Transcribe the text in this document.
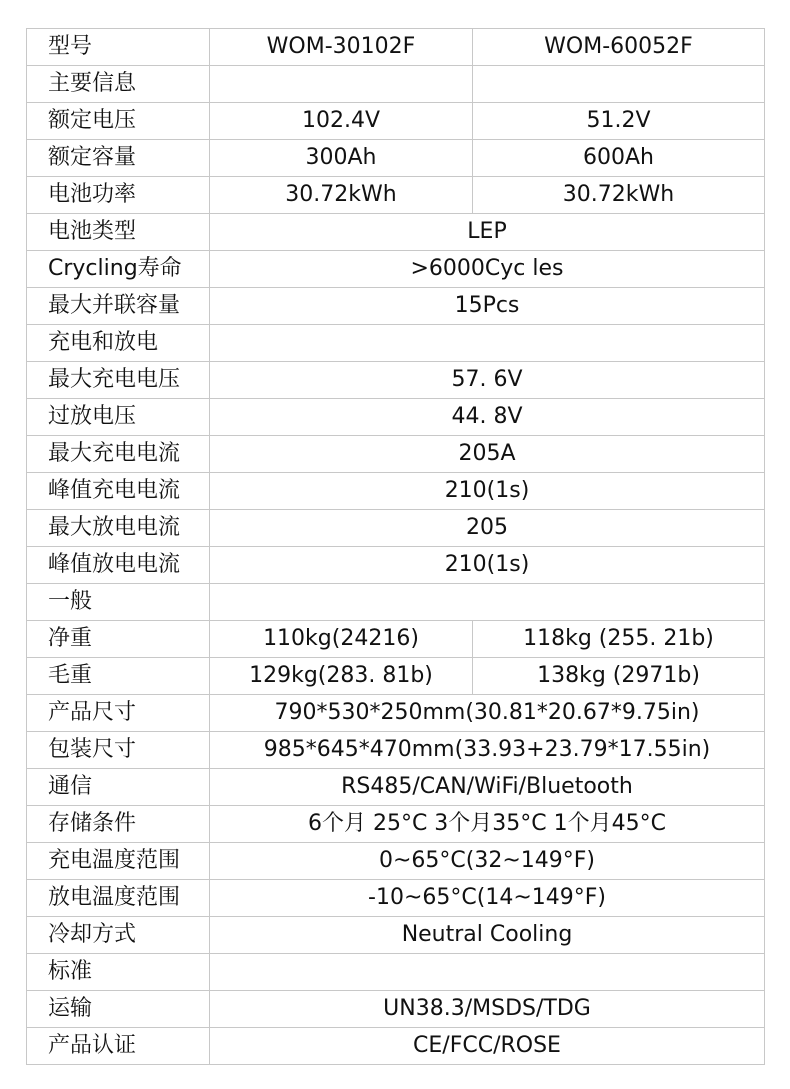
型号	WOM-30102F	WOM-60052F
主要信息		
额定电压	102.4V	51.2V
额定容量	300Ah	600Ah
电池功率	30.72kWh	30.72kWh
电池类型	LEP	
Crycling寿命	>6000Cyc les	
最大并联容量	15Pcs	
充电和放电		
最大充电电压	57. 6V	
过放电压	44. 8V	
最大充电电流	205A	
峰值充电电流	210(1s)	
最大放电电流	205	
峰值放电电流	210(1s)	
一般		
净重	110kg(24216)	118kg (255. 21b)
毛重	129kg(283. 81b)	138kg (2971b)
产品尺寸	790*530*250mm(30.81*20.67*9.75in)	
包装尺寸	985*645*470mm(33.93+23.79*17.55in)	
通信	RS485/CAN/WiFi/Bluetooth	
存储条件	6个月 25°C 3个月35°C 1个月45°C	
充电温度范围	0~65°C(32~149°F)	
放电温度范围	-10~65°C(14~149°F)	
冷却方式	Neutral Cooling	
标准		
运输	UN38.3/MSDS/TDG	
产品认证	CE/FCC/ROSE	
